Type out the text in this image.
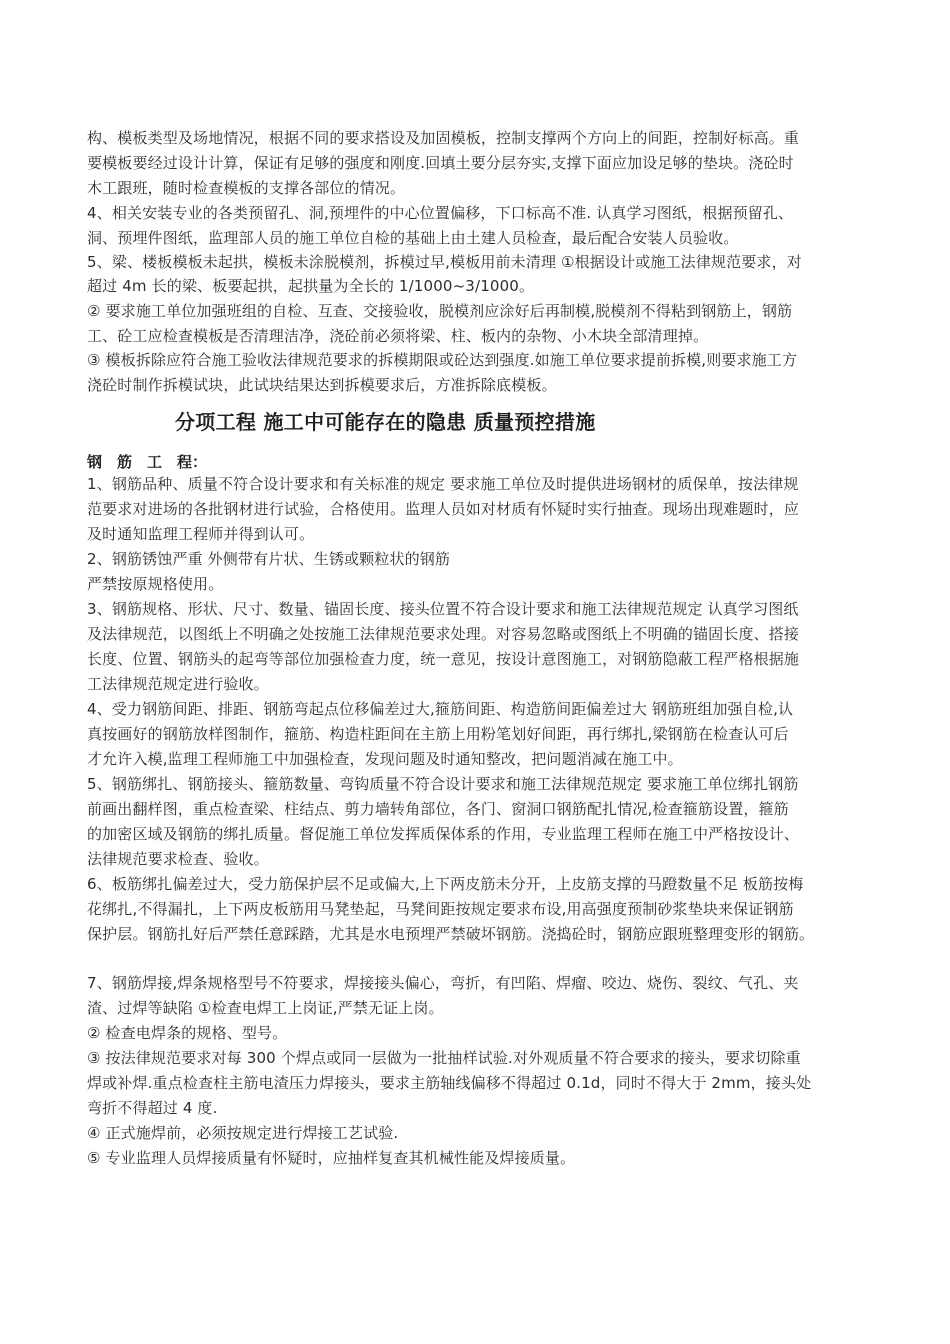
构、模板类型及场地情况，根据不同的要求搭设及加固模板，控制支撑两个方向上的间距，控制好标高。重
要模板要经过设计计算，保证有足够的强度和刚度.回填土要分层夯实,支撑下面应加设足够的垫块。浇砼时
木工跟班，随时检查模板的支撑各部位的情况。
4、相关安装专业的各类预留孔、洞,预埋件的中心位置偏移，下口标高不准. 认真学习图纸，根据预留孔、
洞、预埋件图纸，监理部人员的施工单位自检的基础上由土建人员检查，最后配合安装人员验收。
5、梁、楼板模板未起拱，模板未涂脱模剂，拆模过早,模板用前未清理 ①根据设计或施工法律规范要求，对
超过 4m 长的梁、板要起拱，起拱量为全长的 1/1000~3/1000。
② 要求施工单位加强班组的自检、互查、交接验收，脱模剂应涂好后再制模,脱模剂不得粘到钢筋上，钢筋
工、砼工应检查模板是否清理洁净，浇砼前必须将梁、柱、板内的杂物、小木块全部清理掉。
③ 模板拆除应符合施工验收法律规范要求的拆模期限或砼达到强度.如施工单位要求提前拆模,则要求施工方
浇砼时制作拆模试块，此试块结果达到拆模要求后，方准拆除底模板。
分项工程 施工中可能存在的隐患 质量预控措施
钢　筋　工　程：
1、钢筋品种、质量不符合设计要求和有关标准的规定 要求施工单位及时提供进场钢材的质保单，按法律规
范要求对进场的各批钢材进行试验，合格使用。监理人员如对材质有怀疑时实行抽查。现场出现难题时，应
及时通知监理工程师并得到认可。
2、钢筋锈蚀严重 外侧带有片状、生锈或颗粒状的钢筋
严禁按原规格使用。
3、钢筋规格、形状、尺寸、数量、锚固长度、接头位置不符合设计要求和施工法律规范规定 认真学习图纸
及法律规范，以图纸上不明确之处按施工法律规范要求处理。对容易忽略或图纸上不明确的锚固长度、搭接
长度、位置、钢筋头的起弯等部位加强检查力度，统一意见，按设计意图施工，对钢筋隐蔽工程严格根据施
工法律规范规定进行验收。
4、受力钢筋间距、排距、钢筋弯起点位移偏差过大,箍筋间距、构造筋间距偏差过大 钢筋班组加强自检,认
真按画好的钢筋放样图制作，箍筋、构造柱距间在主筋上用粉笔划好间距，再行绑扎,梁钢筋在检查认可后
才允许入模,监理工程师施工中加强检查，发现问题及时通知整改，把问题消减在施工中。
5、钢筋绑扎、钢筋接头、箍筋数量、弯钩质量不符合设计要求和施工法律规范规定 要求施工单位绑扎钢筋
前画出翻样图，重点检查梁、柱结点、剪力墙转角部位，各门、窗洞口钢筋配扎情况,检查箍筋设置，箍筋
的加密区域及钢筋的绑扎质量。督促施工单位发挥质保体系的作用，专业监理工程师在施工中严格按设计、
法律规范要求检查、验收。
6、板筋绑扎偏差过大，受力筋保护层不足或偏大,上下两皮筋未分开，上皮筋支撑的马蹬数量不足 板筋按梅
花绑扎,不得漏扎，上下两皮板筋用马凳垫起，马凳间距按规定要求布设,用高强度预制砂浆垫块来保证钢筋
保护层。钢筋扎好后严禁任意踩踏，尤其是水电预埋严禁破坏钢筋。浇捣砼时，钢筋应跟班整理变形的钢筋。
7、钢筋焊接,焊条规格型号不符要求，焊接接头偏心，弯折，有凹陷、焊瘤、咬边、烧伤、裂纹、气孔、夹
渣、过焊等缺陷 ①检查电焊工上岗证,严禁无证上岗。
② 检查电焊条的规格、型号。
③ 按法律规范要求对每 300 个焊点或同一层做为一批抽样试验.对外观质量不符合要求的接头，要求切除重
焊或补焊.重点检查柱主筋电渣压力焊接头，要求主筋轴线偏移不得超过 0.1d，同时不得大于 2mm，接头处
弯折不得超过 4 度.
④ 正式施焊前，必须按规定进行焊接工艺试验.
⑤ 专业监理人员焊接质量有怀疑时，应抽样复查其机械性能及焊接质量。
